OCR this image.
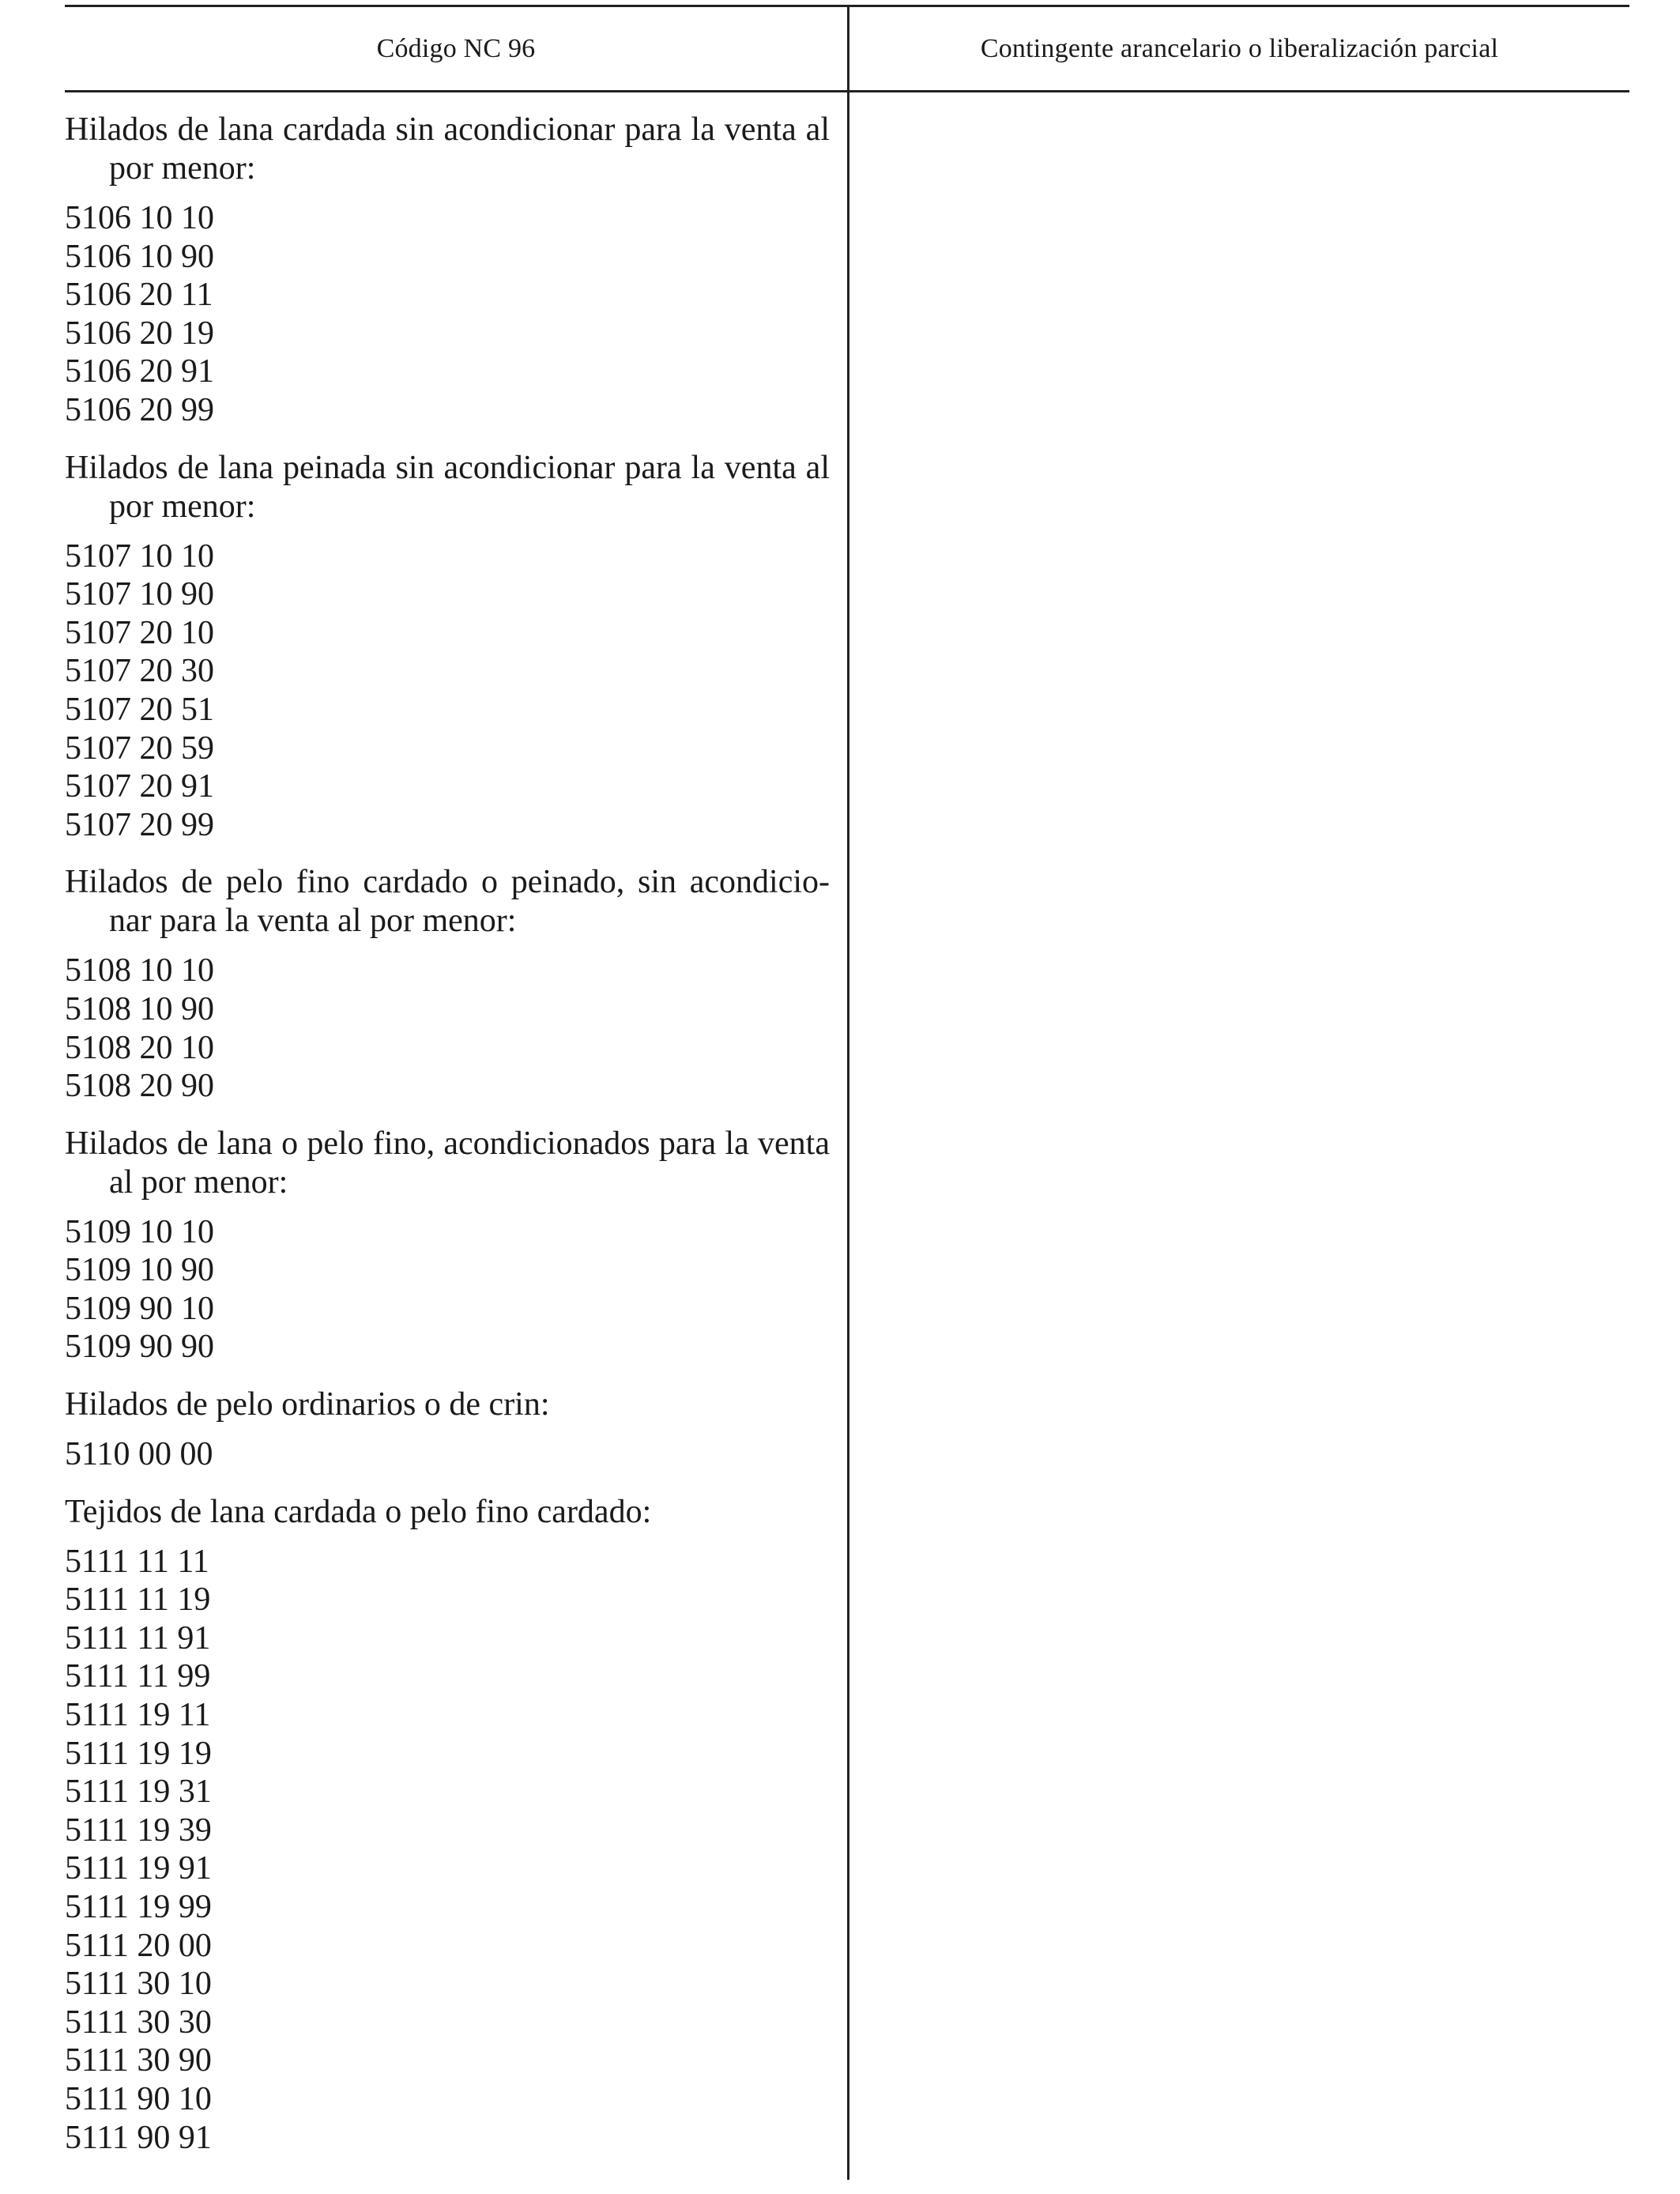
Código NC 96	Contingente arancelario o liberalización parcial
Hilados de lana cardada sin acondicionar para la venta al por menor:
5106 10 10
5106 10 90
5106 20 11
5106 20 19
5106 20 91
5106 20 99
Hilados de lana peinada sin acondicionar para la venta al por menor:
5107 10 10
5107 10 90
5107 20 10
5107 20 30
5107 20 51
5107 20 59
5107 20 91
5107 20 99
Hilados de pelo fino cardado o peinado, sin acondicio-nar para la venta al por menor:
5108 10 10
5108 10 90
5108 20 10
5108 20 90
Hilados de lana o pelo fino, acondicionados para la venta al por menor:
5109 10 10
5109 10 90
5109 90 10
5109 90 90
Hilados de pelo ordinarios o de crin:
5110 00 00
Tejidos de lana cardada o pelo fino cardado:
5111 11 11
5111 11 19
5111 11 91
5111 11 99
5111 19 11
5111 19 19
5111 19 31
5111 19 39
5111 19 91
5111 19 99
5111 20 00
5111 30 10
5111 30 30
5111 30 90
5111 90 10
5111 90 91
